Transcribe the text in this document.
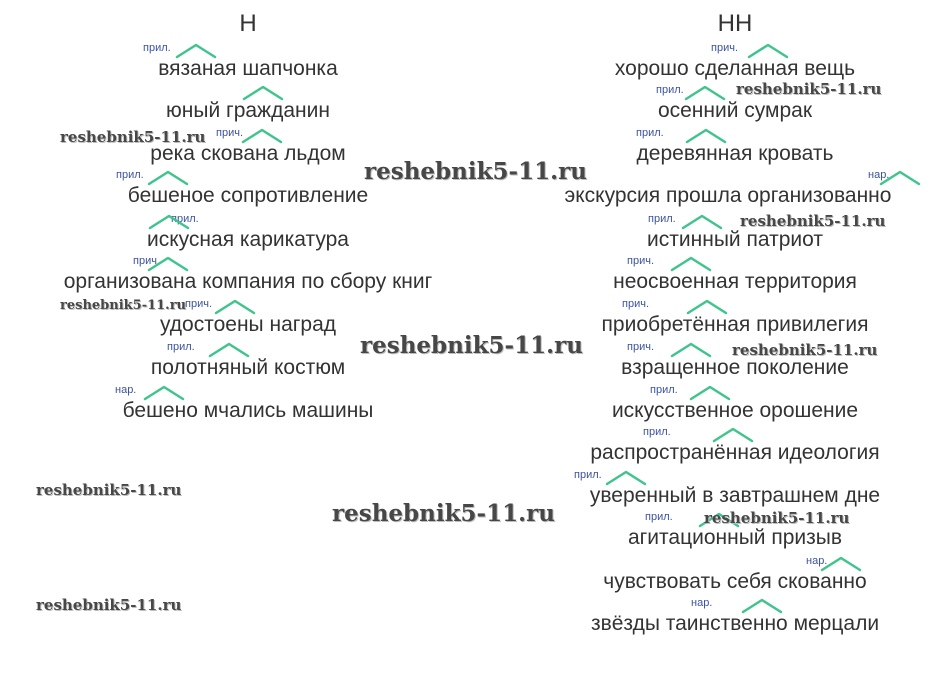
Н	НН
вязаная шапчонка
прил.
юный гражданин
река скована льдом
прич.
бешеное сопротивление
прил.
искусная карикатура
прил.
организована компания по сбору книг
прич.
удостоены наград
прич.
полотняный костюм
прил.
бешено мчались машины
нар.
хорошо сделанная вещь
прич.
осенний сумрак
прил.
деревянная кровать
прил.
экскурсия прошла организованно
нар.
истинный патриот
прил.
неосвоенная территория
прич.
приобретённая привилегия
прич.
взращенное поколение
прич.
искусственное орошение
прил.
распространённая идеология
прил.
уверенный в завтрашнем дне
прил.
агитационный призыв
прил.
чувствовать себя скованно
нар.
звёзды таинственно мерцали
нар.
reshebnik5-11.ru
reshebnik5-11.ru
reshebnik5-11.ru
reshebnik5-11.ru
reshebnik5-11.ru
reshebnik5-11.ru
reshebnik5-11.ru
reshebnik5-11.ru
reshebnik5-11.ru
reshebnik5-11.ru
reshebnik5-11.ru
